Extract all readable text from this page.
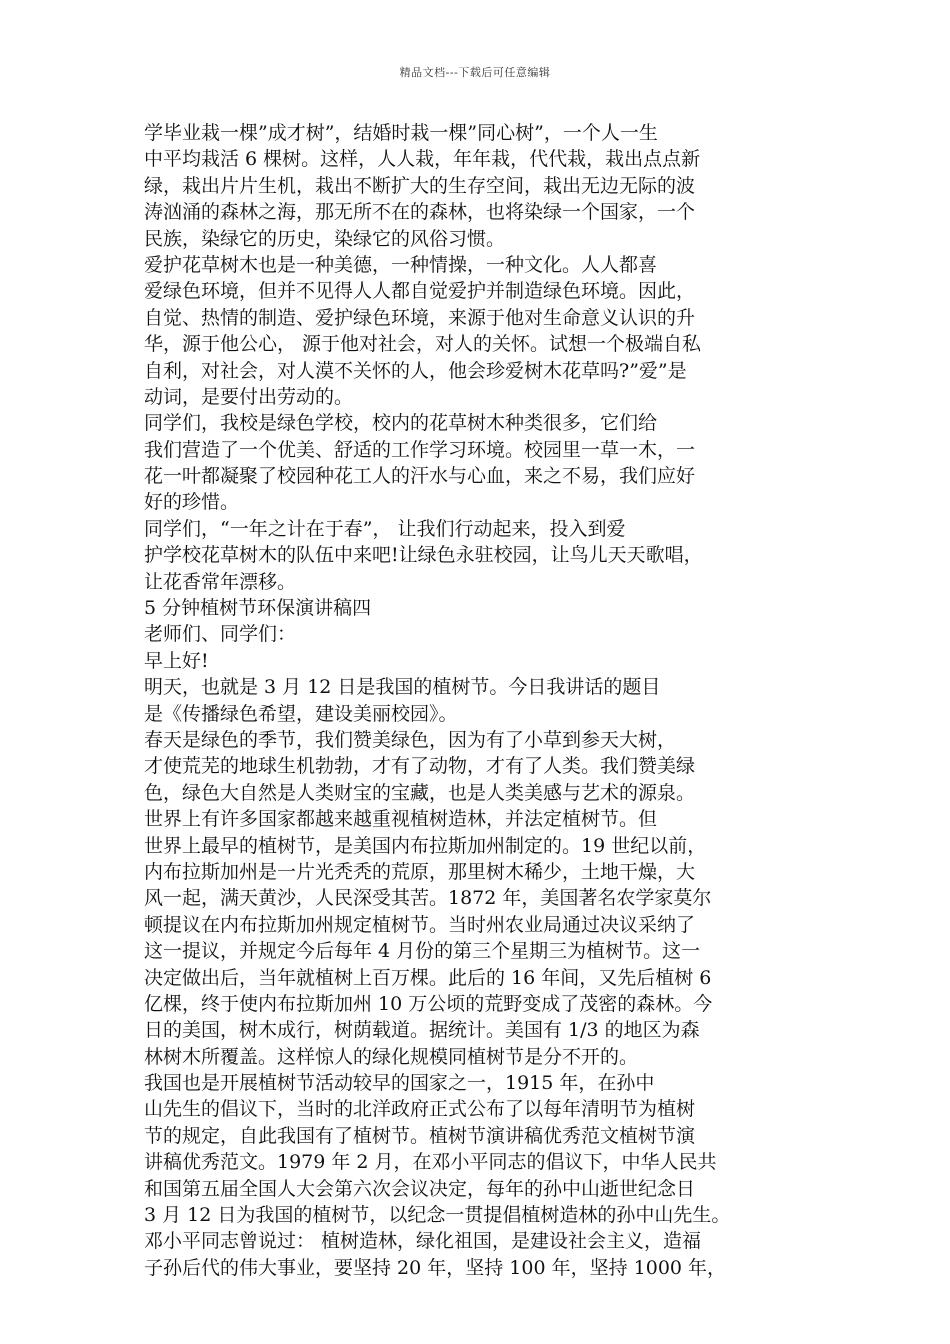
精品文档---下载后可任意编辑
学毕业栽一棵”成才树”，结婚时栽一棵”同心树”，一个人一生
中平均栽活 6 棵树。这样，人人栽，年年栽，代代栽，栽出点点新
绿，栽出片片生机，栽出不断扩大的生存空间，栽出无边无际的波
涛汹涌的森林之海，那无所不在的森林，也将染绿一个国家，一个
民族，染绿它的历史，染绿它的风俗习惯。
爱护花草树木也是一种美德，一种情操，一种文化。人人都喜
爱绿色环境，但并不见得人人都自觉爱护并制造绿色环境。因此，
自觉、热情的制造、爱护绿色环境，来源于他对生命意义认识的升
华，源于他公心， 源于他对社会，对人的关怀。试想一个极端自私
自利，对社会，对人漠不关怀的人，他会珍爱树木花草吗?”爱”是
动词，是要付出劳动的。
同学们，我校是绿色学校，校内的花草树木种类很多，它们给
我们营造了一个优美、舒适的工作学习环境。校园里一草一木，一
花一叶都凝聚了校园种花工人的汗水与心血，来之不易，我们应好
好的珍惜。
同学们，“一年之计在于春”， 让我们行动起来，投入到爱
护学校花草树木的队伍中来吧!让绿色永驻校园，让鸟儿天天歌唱，
让花香常年漂移。
5 分钟植树节环保演讲稿四
老师们、同学们：
早上好!
明天，也就是 3 月 12 日是我国的植树节。今日我讲话的题目
是《传播绿色希望，建设美丽校园》。
春天是绿色的季节，我们赞美绿色，因为有了小草到参天大树，
才使荒芜的地球生机勃勃，才有了动物，才有了人类。我们赞美绿
色，绿色大自然是人类财宝的宝藏，也是人类美感与艺术的源泉。
世界上有许多国家都越来越重视植树造林，并法定植树节。但
世界上最早的植树节，是美国内布拉斯加州制定的。19 世纪以前，
内布拉斯加州是一片光秃秃的荒原，那里树木稀少，土地干燥，大
风一起，满天黄沙，人民深受其苦。1872 年，美国著名农学家莫尔
顿提议在内布拉斯加州规定植树节。当时州农业局通过决议采纳了
这一提议，并规定今后每年 4 月份的第三个星期三为植树节。这一
决定做出后，当年就植树上百万棵。此后的 16 年间，又先后植树 6
亿棵，终于使内布拉斯加州 10 万公顷的荒野变成了茂密的森林。今
日的美国，树木成行，树荫载道。据统计。美国有 1/3 的地区为森
林树木所覆盖。这样惊人的绿化规模同植树节是分不开的。
我国也是开展植树节活动较早的国家之一，1915 年，在孙中
山先生的倡议下，当时的北洋政府正式公布了以每年清明节为植树
节的规定，自此我国有了植树节。植树节演讲稿优秀范文植树节演
讲稿优秀范文。1979 年 2 月，在邓小平同志的倡议下，中华人民共
和国第五届全国人大会第六次会议决定，每年的孙中山逝世纪念日
3 月 12 日为我国的植树节，以纪念一贯提倡植树造林的孙中山先生。
邓小平同志曾说过： 植树造林，绿化祖国，是建设社会主义，造福
子孙后代的伟大事业，要坚持 20 年，坚持 100 年，坚持 1000 年，
